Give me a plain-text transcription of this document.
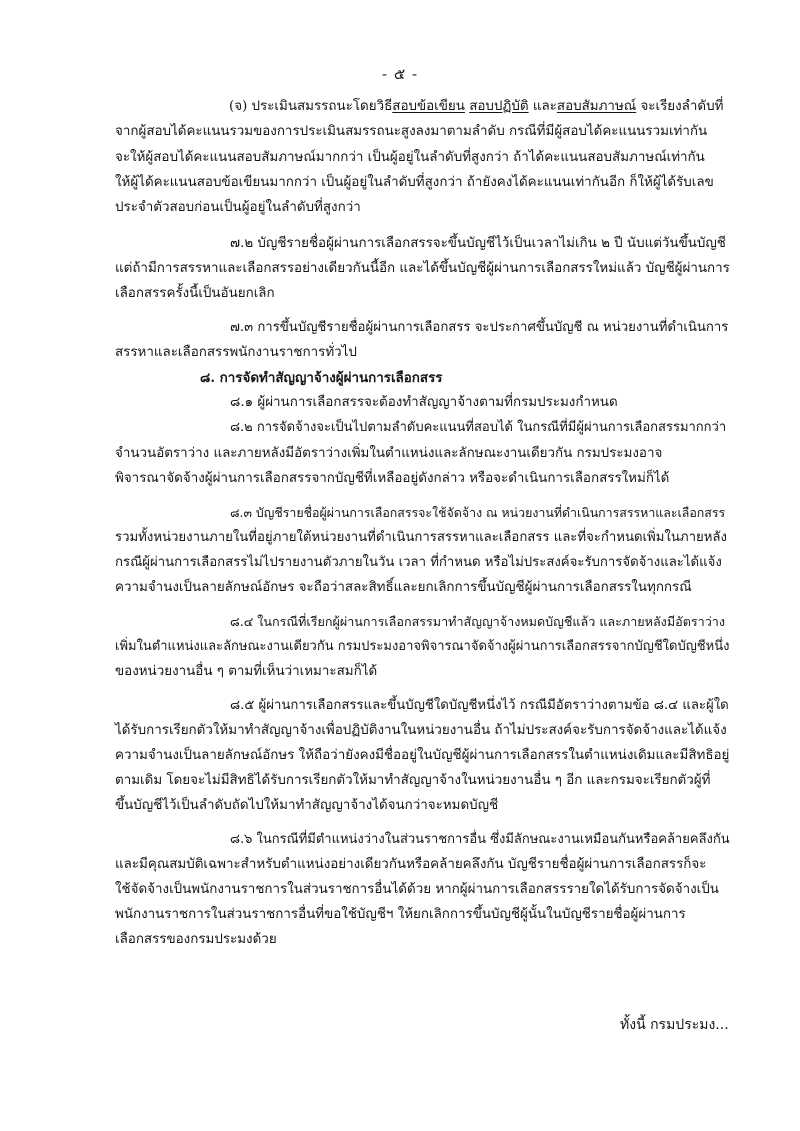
- ๕ -
(จ) ประเมินสมรรถนะโดยวิธีสอบข้อเขียน สอบปฏิบัติ และสอบสัมภาษณ์ จะเรียงลำดับที่
จากผู้สอบได้คะแนนรวมของการประเมินสมรรถนะสูงลงมาตามลำดับ กรณีที่มีผู้สอบได้คะแนนรวมเท่ากัน
จะให้ผู้สอบได้คะแนนสอบสัมภาษณ์มากกว่า เป็นผู้อยู่ในลำดับที่สูงกว่า ถ้าได้คะแนนสอบสัมภาษณ์เท่ากัน
ให้ผู้ได้คะแนนสอบข้อเขียนมากกว่า เป็นผู้อยู่ในลำดับที่สูงกว่า ถ้ายังคงได้คะแนนเท่ากันอีก ก็ให้ผู้ได้รับเลข
ประจำตัวสอบก่อนเป็นผู้อยู่ในลำดับที่สูงกว่า
๗.๒ บัญชีรายชื่อผู้ผ่านการเลือกสรรจะขึ้นบัญชีไว้เป็นเวลาไม่เกิน ๒ ปี นับแต่วันขึ้นบัญชี
แต่ถ้ามีการสรรหาและเลือกสรรอย่างเดียวกันนี้อีก และได้ขึ้นบัญชีผู้ผ่านการเลือกสรรใหม่แล้ว บัญชีผู้ผ่านการ
เลือกสรรครั้งนี้เป็นอันยกเลิก
๗.๓ การขึ้นบัญชีรายชื่อผู้ผ่านการเลือกสรร จะประกาศขึ้นบัญชี ณ หน่วยงานที่ดำเนินการ
สรรหาและเลือกสรรพนักงานราชการทั่วไป
๘. การจัดทำสัญญาจ้างผู้ผ่านการเลือกสรร
๘.๑ ผู้ผ่านการเลือกสรรจะต้องทำสัญญาจ้างตามที่กรมประมงกำหนด
๘.๒ การจัดจ้างจะเป็นไปตามลำดับคะแนนที่สอบได้ ในกรณีที่มีผู้ผ่านการเลือกสรรมากกว่า
จำนวนอัตราว่าง และภายหลังมีอัตราว่างเพิ่มในตำแหน่งและลักษณะงานเดียวกัน กรมประมงอาจ
พิจารณาจัดจ้างผู้ผ่านการเลือกสรรจากบัญชีที่เหลืออยู่ดังกล่าว หรือจะดำเนินการเลือกสรรใหม่ก็ได้
๘.๓ บัญชีรายชื่อผู้ผ่านการเลือกสรรจะใช้จัดจ้าง ณ หน่วยงานที่ดำเนินการสรรหาและเลือกสรร
รวมทั้งหน่วยงานภายในที่อยู่ภายใต้หน่วยงานที่ดำเนินการสรรหาและเลือกสรร และที่จะกำหนดเพิ่มในภายหลัง
กรณีผู้ผ่านการเลือกสรรไม่ไปรายงานตัวภายในวัน เวลา ที่กำหนด หรือไม่ประสงค์จะรับการจัดจ้างและได้แจ้ง
ความจำนงเป็นลายลักษณ์อักษร จะถือว่าสละสิทธิ์และยกเลิกการขึ้นบัญชีผู้ผ่านการเลือกสรรในทุกกรณี
๘.๔ ในกรณีที่เรียกผู้ผ่านการเลือกสรรมาทำสัญญาจ้างหมดบัญชีแล้ว และภายหลังมีอัตราว่าง
เพิ่มในตำแหน่งและลักษณะงานเดียวกัน กรมประมงอาจพิจารณาจัดจ้างผู้ผ่านการเลือกสรรจากบัญชีใดบัญชีหนึ่ง
ของหน่วยงานอื่น ๆ ตามที่เห็นว่าเหมาะสมก็ได้
๘.๕ ผู้ผ่านการเลือกสรรและขึ้นบัญชีใดบัญชีหนึ่งไว้ กรณีมีอัตราว่างตามข้อ ๘.๔ และผู้ใด
ได้รับการเรียกตัวให้มาทำสัญญาจ้างเพื่อปฏิบัติงานในหน่วยงานอื่น ถ้าไม่ประสงค์จะรับการจัดจ้างและได้แจ้ง
ความจำนงเป็นลายลักษณ์อักษร ให้ถือว่ายังคงมีชื่ออยู่ในบัญชีผู้ผ่านการเลือกสรรในตำแหน่งเดิมและมีสิทธิอยู่
ตามเดิม โดยจะไม่มีสิทธิได้รับการเรียกตัวให้มาทำสัญญาจ้างในหน่วยงานอื่น ๆ อีก และกรมจะเรียกตัวผู้ที่
ขึ้นบัญชีไว้เป็นลำดับถัดไปให้มาทำสัญญาจ้างได้จนกว่าจะหมดบัญชี
๘.๖ ในกรณีที่มีตำแหน่งว่างในส่วนราชการอื่น ซึ่งมีลักษณะงานเหมือนกันหรือคล้ายคลึงกัน
และมีคุณสมบัติเฉพาะสำหรับตำแหน่งอย่างเดียวกันหรือคล้ายคลึงกัน บัญชีรายชื่อผู้ผ่านการเลือกสรรก็จะ
ใช้จัดจ้างเป็นพนักงานราชการในส่วนราชการอื่นได้ด้วย หากผู้ผ่านการเลือกสรรรายใดได้รับการจัดจ้างเป็น
พนักงานราชการในส่วนราชการอื่นที่ขอใช้บัญชีฯ ให้ยกเลิกการขึ้นบัญชีผู้นั้นในบัญชีรายชื่อผู้ผ่านการ
เลือกสรรของกรมประมงด้วย
ทั้งนี้ กรมประมง...
